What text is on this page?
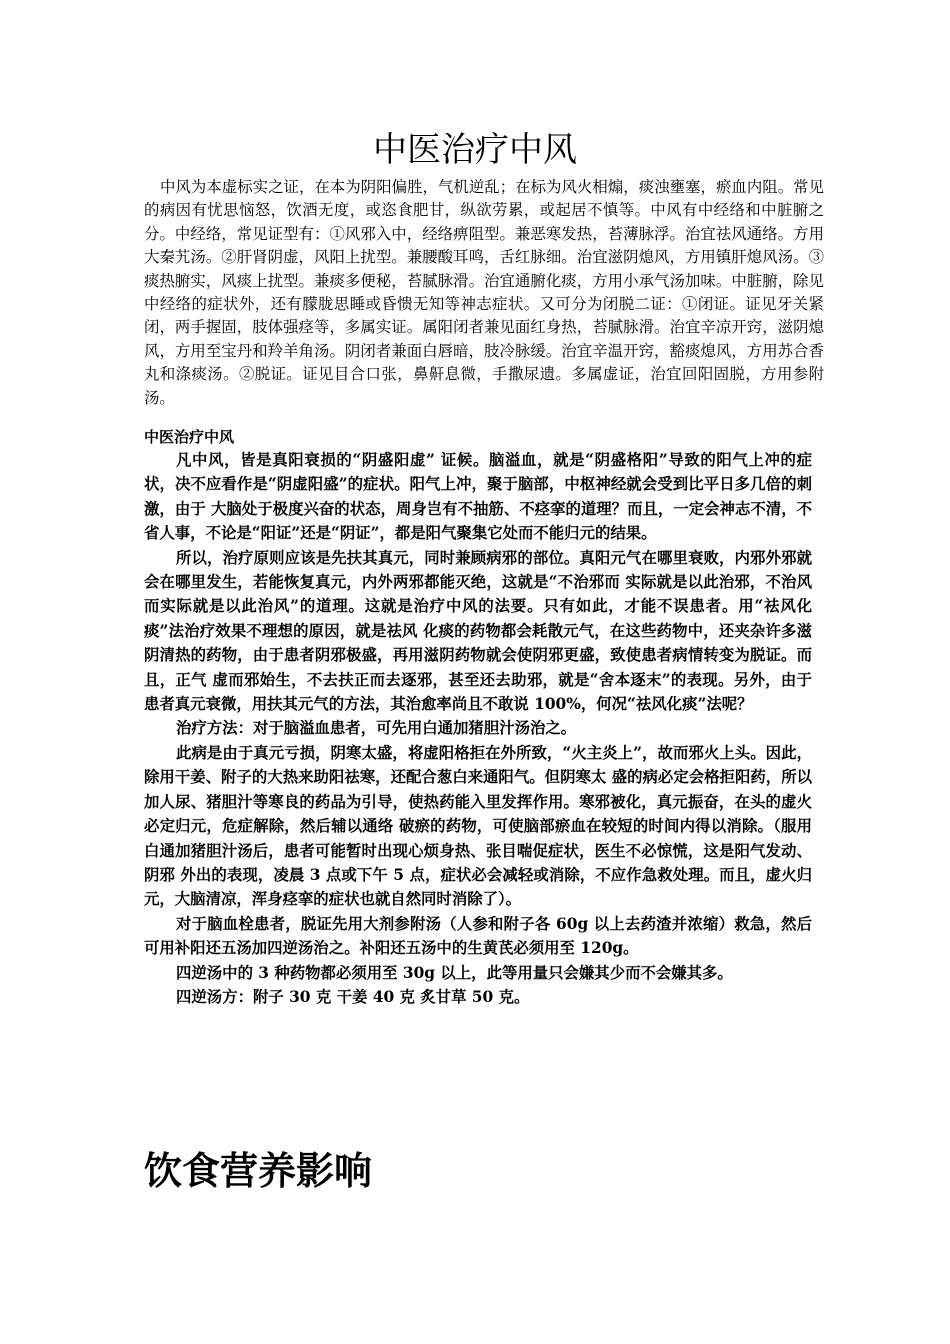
中医治疗中风

中风为本虚标实之证，在本为阴阳偏胜，气机逆乱；在标为风火相煽，痰浊壅塞，瘀血内阻。常见的病因有忧思恼怒，饮酒无度，或恣食肥甘，纵欲劳累，或起居不慎等。中风有中经络和中脏腑之分。中经络，常见证型有：①风邪入中，经络痹阻型。兼恶寒发热，苔薄脉浮。治宜祛风通络。方用大秦艽汤。②肝肾阴虚，风阳上扰型。兼腰酸耳鸣，舌红脉细。治宜滋阴熄风，方用镇肝熄风汤。③痰热腑实，风痰上扰型。兼痰多便秘，苔腻脉滑。治宜通腑化痰，方用小承气汤加味。中脏腑，除见中经络的症状外，还有朦胧思睡或昏愦无知等神志症状。又可分为闭脱二证：①闭证。证见牙关紧闭，两手握固，肢体强痉等，多属实证。属阳闭者兼见面红身热，苔腻脉滑。治宜辛凉开窍，滋阴熄风，方用至宝丹和羚羊角汤。阴闭者兼面白唇暗，肢冷脉缓。治宜辛温开窍，豁痰熄风，方用苏合香丸和涤痰汤。②脱证。证见目合口张，鼻鼾息微，手撒尿遗。多属虚证，治宜回阳固脱，方用参附汤。

中医治疗中风

凡中风，皆是真阳衰损的“阴盛阳虚” 证候。脑溢血，就是“阴盛格阳”导致的阳气上冲的症状，决不应看作是“阴虚阳盛”的症状。阳气上冲，聚于脑部，中枢神经就会受到比平日多几倍的刺激，由于 大脑处于极度兴奋的状态，周身岂有不抽筋、不痉挛的道理？而且，一定会神志不清，不省人事，不论是“阳证”还是“阴证”，都是阳气聚集它处而不能归元的结果。

所以，治疗原则应该是先扶其真元，同时兼顾病邪的部位。真阳元气在哪里衰败，内邪外邪就会在哪里发生，若能恢复真元，内外两邪都能灭绝，这就是“不治邪而 实际就是以此治邪，不治风而实际就是以此治风”的道理。这就是治疗中风的法要。只有如此，才能不误患者。用“祛风化痰”法治疗效果不理想的原因，就是祛风 化痰的药物都会耗散元气，在这些药物中，还夹杂许多滋阴清热的药物，由于患者阴邪极盛，再用滋阴药物就会使阴邪更盛，致使患者病情转变为脱证。而且，正气 虚而邪始生，不去扶正而去逐邪，甚至还去助邪，就是“舍本逐末”的表现。另外，由于患者真元衰微，用扶其元气的方法，其治愈率尚且不敢说 100%，何况“祛风化痰”法呢？

治疗方法：对于脑溢血患者，可先用白通加猪胆汁汤治之。

此病是由于真元亏损，阴寒太盛，将虚阳格拒在外所致，“火主炎上”，故而邪火上头。因此，除用干姜、附子的大热来助阳祛寒，还配合葱白来通阳气。但阴寒太 盛的病必定会格拒阳药，所以加人尿、猪胆汁等寒良的药品为引导，使热药能入里发挥作用。寒邪被化，真元振奋，在头的虚火必定归元，危症解除，然后辅以通络 破瘀的药物，可使脑部瘀血在较短的时间内得以消除。（服用白通加猪胆汁汤后，患者可能暂时出现心烦身热、张目喘促症状，医生不必惊慌，这是阳气发动、阴邪 外出的表现，凌晨 3 点或下午 5 点，症状必会减轻或消除，不应作急救处理。而且，虚火归元，大脑清凉，浑身痉挛的症状也就自然同时消除了）。

对于脑血栓患者，脱证先用大剂参附汤（人参和附子各 60g 以上去药渣并浓缩）救急，然后可用补阳还五汤加四逆汤治之。补阳还五汤中的生黄芪必须用至 120g。

四逆汤中的 3 种药物都必须用至 30g 以上，此等用量只会嫌其少而不会嫌其多。

四逆汤方：附子 30 克 干姜 40 克 炙甘草 50 克。

饮食营养影响
